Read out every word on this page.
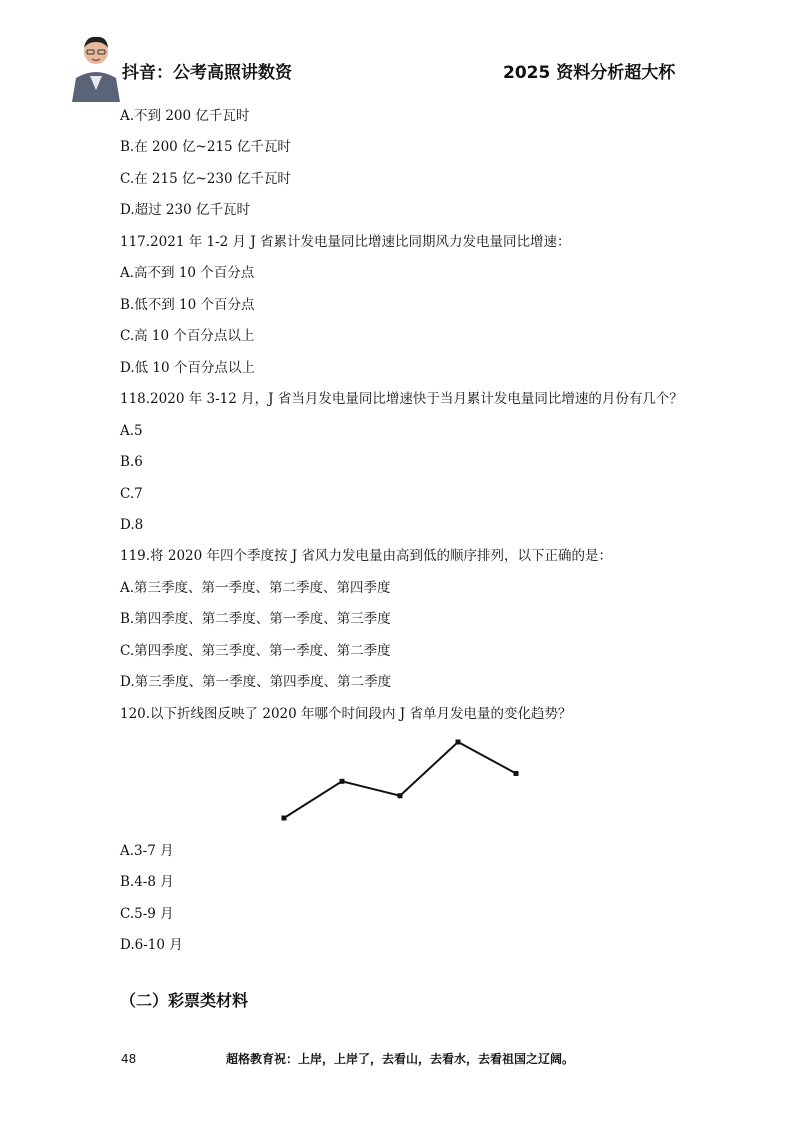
抖音：公考高照讲数资	2025 资料分析超大杯
A.不到 200 亿千瓦时
B.在 200 亿~215 亿千瓦时
C.在 215 亿~230 亿千瓦时
D.超过 230 亿千瓦时
117.2021 年 1-2 月 J 省累计发电量同比增速比同期风力发电量同比增速：
A.高不到 10 个百分点
B.低不到 10 个百分点
C.高 10 个百分点以上
D.低 10 个百分点以上
118.2020 年 3-12 月，J 省当月发电量同比增速快于当月累计发电量同比增速的月份有几个？
A.5
B.6
C.7
D.8
119.将 2020 年四个季度按 J 省风力发电量由高到低的顺序排列，以下正确的是：
A.第三季度、第一季度、第二季度、第四季度
B.第四季度、第二季度、第一季度、第三季度
C.第四季度、第三季度、第一季度、第二季度
D.第三季度、第一季度、第四季度、第二季度
120.以下折线图反映了 2020 年哪个时间段内 J 省单月发电量的变化趋势？
A.3-7 月
B.4-8 月
C.5-9 月
D.6-10 月
（二）彩票类材料
48	超格教育祝：上岸，上岸了，去看山，去看水，去看祖国之辽阔。
